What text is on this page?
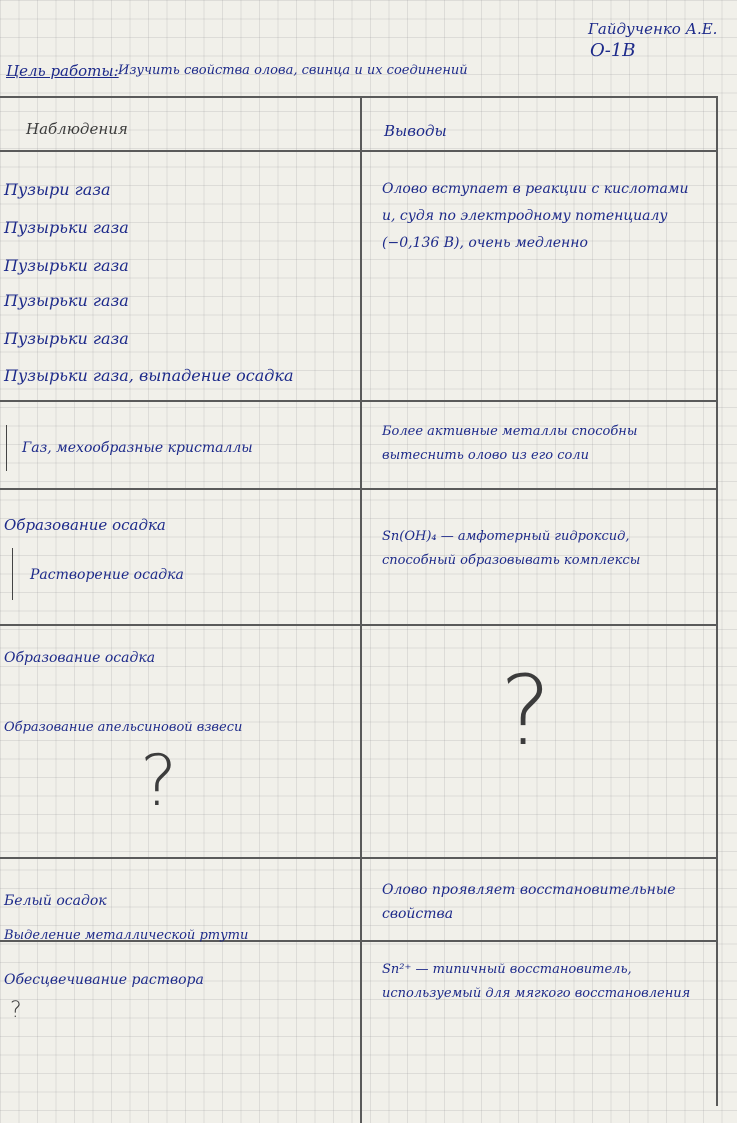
Гайдученко А.Е.
О-1В
Цель работы: Изучить свойства олова, свинца и их соединений
Наблюдения	Выводы
Пузыри газа
Пузырьки газа
Пузырьки газа
Пузырьки газа
Пузырьки газа
Пузырьки газа, выпадение осадка
Газ, мехообразные кристаллы
Образование осадка
Растворение осадка
Образование осадка
Образование апельсиновой взвеси
?
Белый осадок
Выделение металлической ртути
Обесцвечивание раствора
?
Олово вступает в реакции с кислотами и, судя по электродному потенциалу (−0,136 В), очень медленно
Более активные металлы способны вытеснить олово из его соли
Sn(OH)₄ — амфотерный гидроксид, способный образовывать комплексы
?
Олово проявляет восстановительные свойства
Sn²⁺ — типичный восстановитель, используемый для мягкого восстановления
